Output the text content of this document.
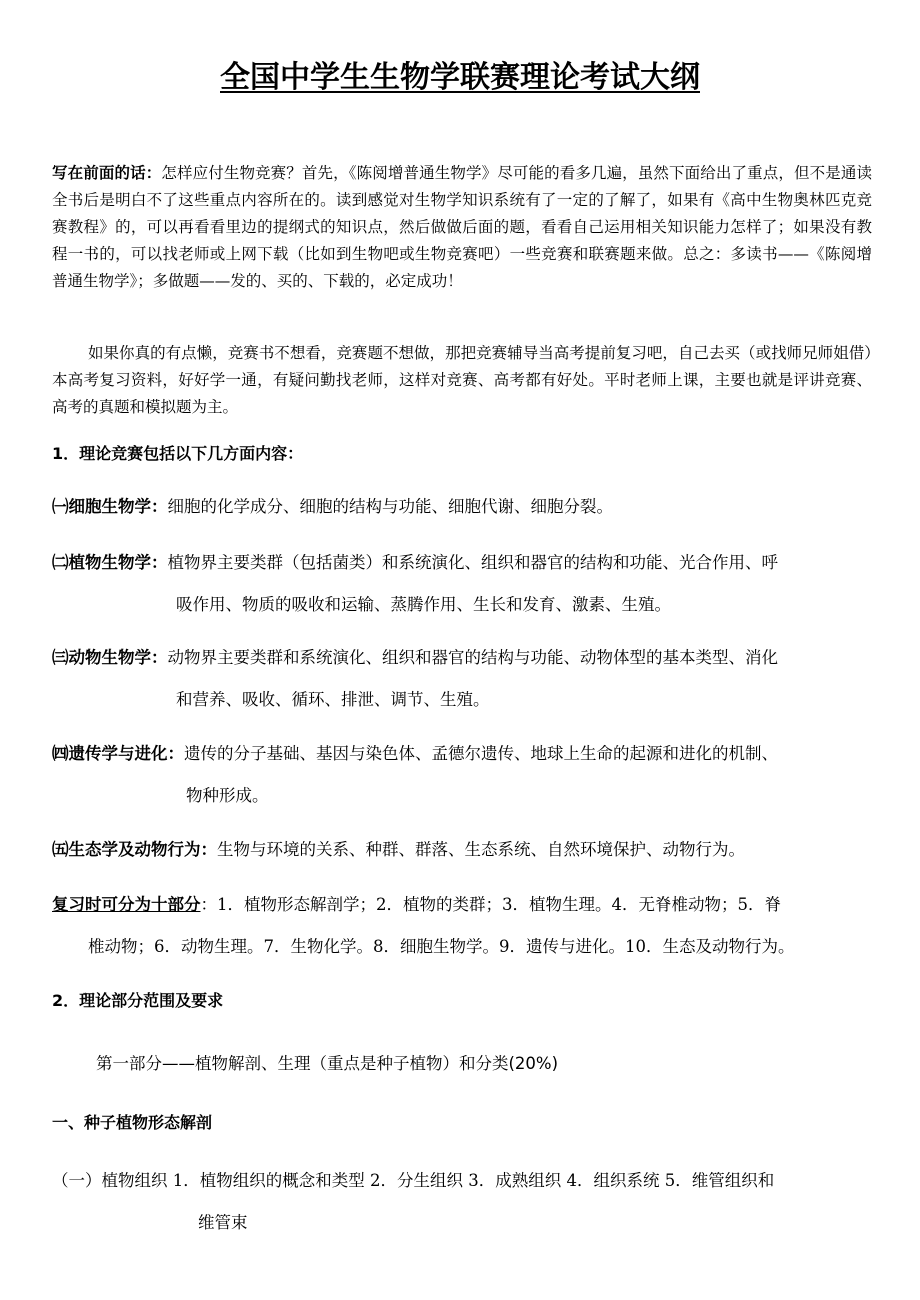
全国中学生生物学联赛理论考试大纲

写在前面的话：怎样应付生物竞赛？首先，《陈阅增普通生物学》尽可能的看多几遍，虽然下面给出了重点，但不是通读全书后是明白不了这些重点内容所在的。读到感觉对生物学知识系统有了一定的了解了，如果有《高中生物奥林匹克竞赛教程》的，可以再看看里边的提纲式的知识点，然后做做后面的题，看看自己运用相关知识能力怎样了；如果没有教程一书的，可以找老师或上网下载（比如到生物吧或生物竞赛吧）一些竞赛和联赛题来做。总之：多读书——《陈阅增普通生物学》；多做题——发的、买的、下载的，必定成功！

如果你真的有点懒，竞赛书不想看，竞赛题不想做，那把竞赛辅导当高考提前复习吧，自己去买（或找师兄师姐借）本高考复习资料，好好学一通，有疑问勤找老师，这样对竞赛、高考都有好处。平时老师上课，主要也就是评讲竞赛、高考的真题和模拟题为主。

1．理论竞赛包括以下几方面内容：

㈠细胞生物学：细胞的化学成分、细胞的结构与功能、细胞代谢、细胞分裂。

㈡植物生物学：植物界主要类群（包括菌类）和系统演化、组织和器官的结构和功能、光合作用、呼
吸作用、物质的吸收和运输、蒸腾作用、生长和发育、激素、生殖。

㈢动物生物学：动物界主要类群和系统演化、组织和器官的结构与功能、动物体型的基本类型、消化
和营养、吸收、循环、排泄、调节、生殖。

㈣遗传学与进化：遗传的分子基础、基因与染色体、孟德尔遗传、地球上生命的起源和进化的机制、
物种形成。

㈤生态学及动物行为：生物与环境的关系、种群、群落、生态系统、自然环境保护、动物行为。

复习时可分为十部分：1．植物形态解剖学；2．植物的类群；3．植物生理。4．无脊椎动物；5．脊
椎动物；6．动物生理。7．生物化学。8．细胞生物学。9．遗传与进化。10．生态及动物行为。

2．理论部分范围及要求

第一部分——植物解剖、生理（重点是种子植物）和分类(20%)

一、种子植物形态解剖

（一）植物组织 1．植物组织的概念和类型 2．分生组织 3．成熟组织 4．组织系统 5．维管组织和
维管束
